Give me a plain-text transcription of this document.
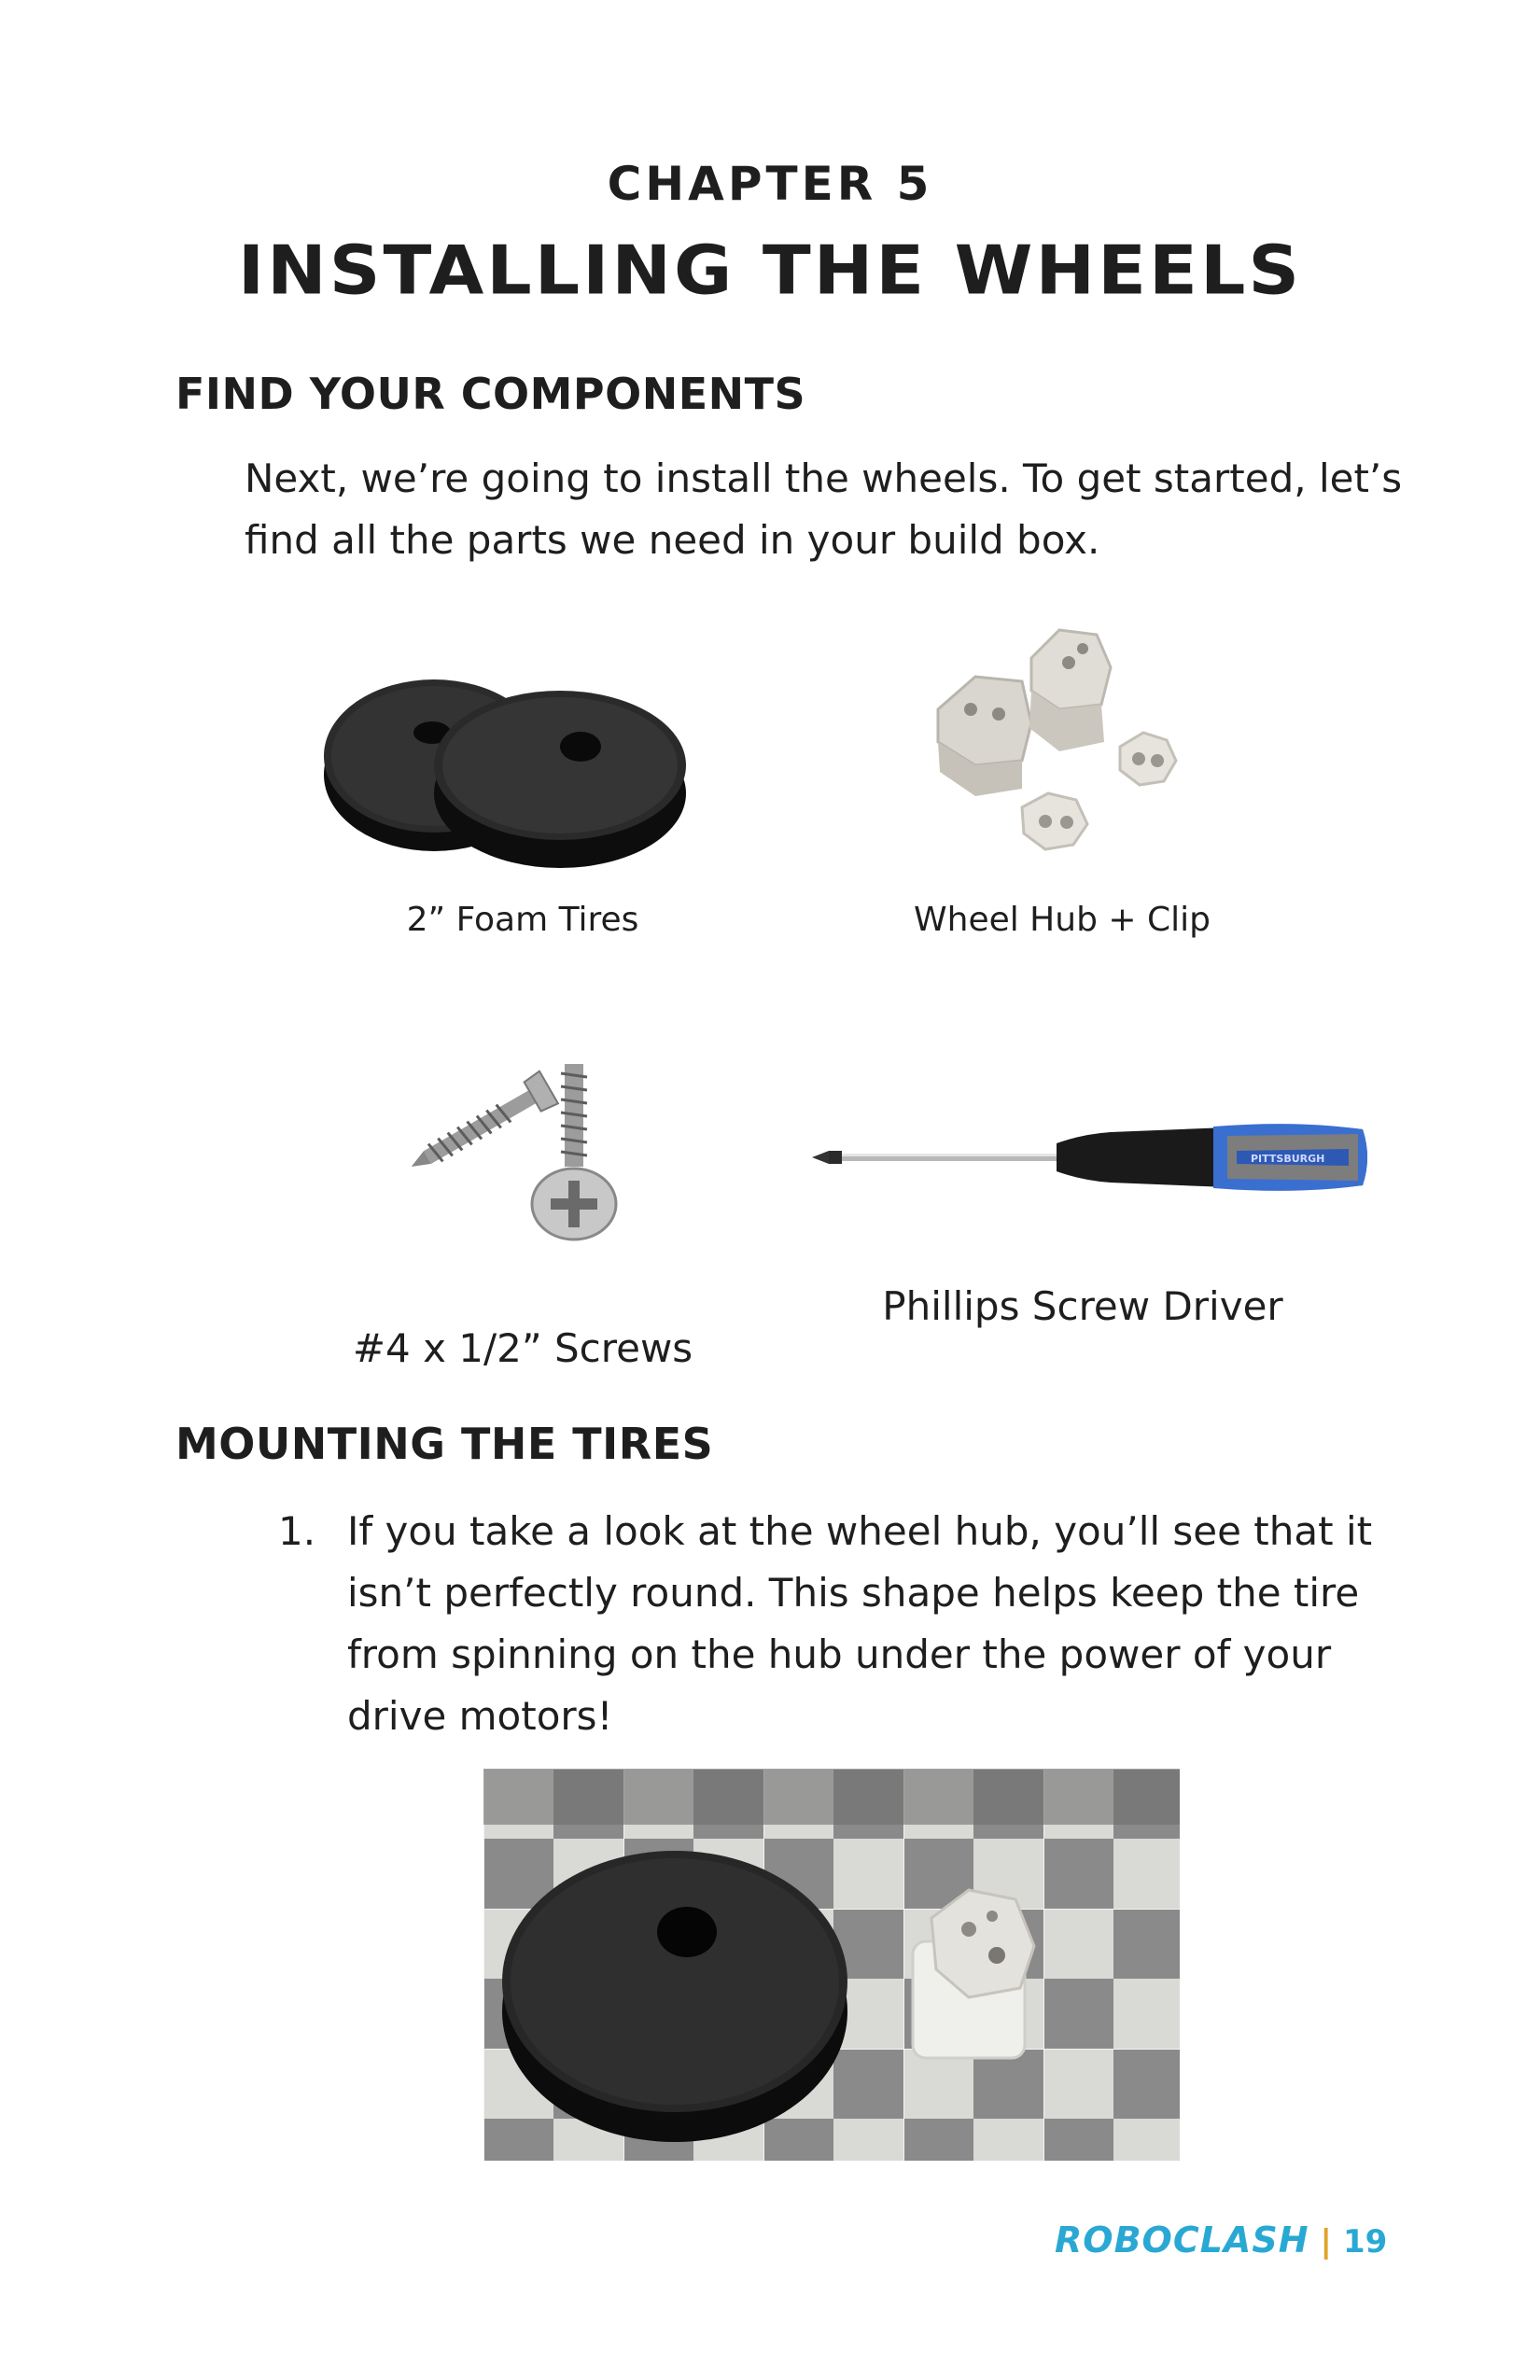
CHAPTER 5
INSTALLING THE WHEELS
FIND YOUR COMPONENTS
Next, we’re going to install the wheels. To get started, let’s
find all the parts we need in your build box.
2” Foam Tires	Wheel Hub + Clip
#4 x 1/2” Screws
PITTSBURGH
Phillips Screw Driver
MOUNTING THE TIRES
1. If you take a look at the wheel hub, you’ll see that it
isn’t perfectly round. This shape helps keep the tire
from spinning on the hub under the power of your
drive motors!
ROBOCLASH | 19
